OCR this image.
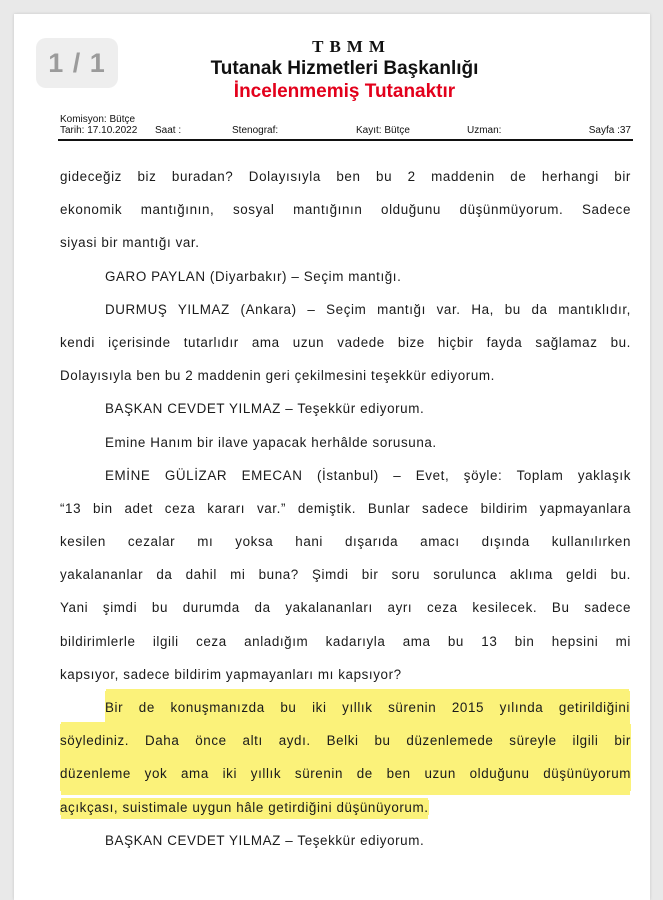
1 / 1
TBMM
Tutanak Hizmetleri Başkanlığı
İncelenmemiş Tutanaktır
Komisyon: Bütçe
Tarih: 17.10.2022 Saat :	Stenograf:	Kayıt: Bütçe	Uzman:	Sayfa :37
gideceğiz biz buradan? Dolayısıyla ben bu 2 maddenin de herhangi bir
ekonomik mantığının, sosyal mantığının olduğunu düşünmüyorum. Sadece
siyasi bir mantığı var.
GARO PAYLAN (Diyarbakır) – Seçim mantığı.
DURMUŞ YILMAZ (Ankara) – Seçim mantığı var. Ha, bu da mantıklıdır,
kendi içerisinde tutarlıdır ama uzun vadede bize hiçbir fayda sağlamaz bu.
Dolayısıyla ben bu 2 maddenin geri çekilmesini teşekkür ediyorum.
BAŞKAN CEVDET YILMAZ – Teşekkür ediyorum.
Emine Hanım bir ilave yapacak herhâlde sorusuna.
EMİNE GÜLİZAR EMECAN (İstanbul) – Evet, şöyle: Toplam yaklaşık
“13 bin adet ceza kararı var.” demiştik. Bunlar sadece bildirim yapmayanlara
kesilen cezalar mı yoksa hani dışarıda amacı dışında kullanılırken
yakalananlar da dahil mi buna? Şimdi bir soru sorulunca aklıma geldi bu.
Yani şimdi bu durumda da yakalananları ayrı ceza kesilecek. Bu sadece
bildirimlerle ilgili ceza anladığım kadarıyla ama bu 13 bin hepsini mi
kapsıyor, sadece bildirim yapmayanları mı kapsıyor?
Bir de konuşmanızda bu iki yıllık sürenin 2015 yılında getirildiğini
söylediniz. Daha önce altı aydı. Belki bu düzenlemede süreyle ilgili bir
düzenleme yok ama iki yıllık sürenin de ben uzun olduğunu düşünüyorum
açıkçası, suistimale uygun hâle getirdiğini düşünüyorum.
BAŞKAN CEVDET YILMAZ – Teşekkür ediyorum.
